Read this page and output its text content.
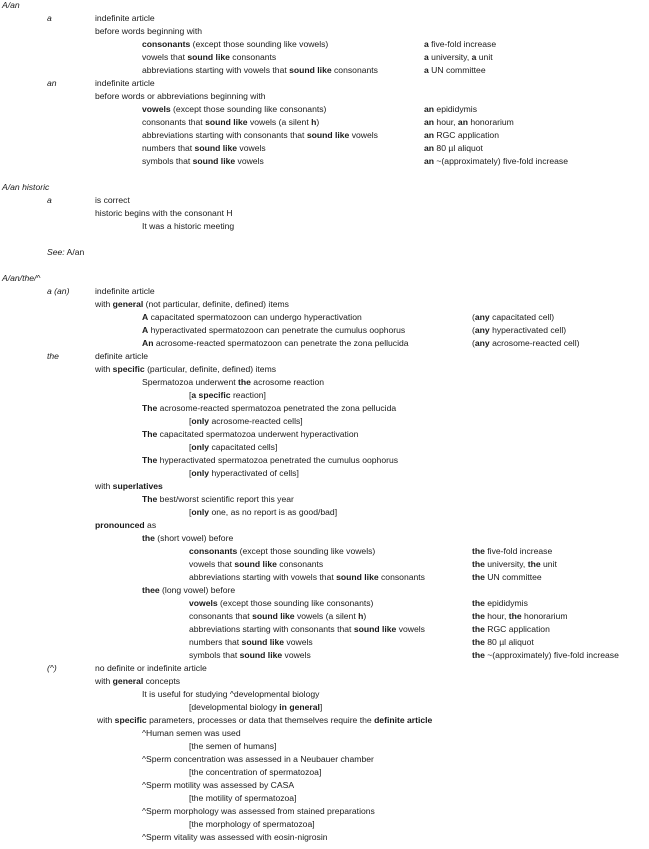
A/an
a	indefinite article
before words beginning with
consonants (except those sounding like vowels)	a five-fold increase
vowels that sound like consonants	a university, a unit
abbreviations starting with vowels that sound like consonants	a UN committee
an	indefinite article
before words or abbreviations beginning with
vowels (except those sounding like consonants)	an epididymis
consonants that sound like vowels (a silent h)	an hour, an honorarium
abbreviations starting with consonants that sound like vowels	an RGC application
numbers that sound like vowels	an 80 µl aliquot
symbols that sound like vowels	an ~(approximately) five-fold increase
A/an historic
a	is correct
historic begins with the consonant H
It was a historic meeting
See: A/an
A/an/the/^
a (an)	indefinite article
with general (not particular, definite, defined) items
A capacitated spermatozoon can undergo hyperactivation	(any capacitated cell)
A hyperactivated spermatozoon can penetrate the cumulus oophorus	(any hyperactivated cell)
An acrosome-reacted spermatozoon can penetrate the zona pellucida	(any acrosome-reacted cell)
the	definite article
with specific (particular, definite, defined) items
Spermatozoa underwent the acrosome reaction
[a specific reaction]
The acrosome-reacted spermatozoa penetrated the zona pellucida
[only acrosome-reacted cells]
The capacitated spermatozoa underwent hyperactivation
[only capacitated cells]
The hyperactivated spermatozoa penetrated the cumulus oophorus
[only hyperactivated of cells]
with superlatives
The best/worst scientific report this year
[only one, as no report is as good/bad]
pronounced as
the (short vowel) before
consonants (except those sounding like vowels)	the five-fold increase
vowels that sound like consonants	the university, the unit
abbreviations starting with vowels that sound like consonants	the UN committee
thee (long vowel) before
vowels (except those sounding like consonants)	the epididymis
consonants that sound like vowels (a silent h)	the hour, the honorarium
abbreviations starting with consonants that sound like vowels	the RGC application
numbers that sound like vowels	the 80 µl aliquot
symbols that sound like vowels	the ~(approximately) five-fold increase
(^)	no definite or indefinite article
with general concepts
It is useful for studying ^developmental biology
[developmental biology in general]
with specific parameters, processes or data that themselves require the definite article
^Human semen was used
[the semen of humans]
^Sperm concentration was assessed in a Neubauer chamber
[the concentration of spermatozoa]
^Sperm motility was assessed by CASA
[the motility of spermatozoa]
^Sperm morphology was assessed from stained preparations
[the morphology of spermatozoa]
^Sperm vitality was assessed with eosin-nigrosin
